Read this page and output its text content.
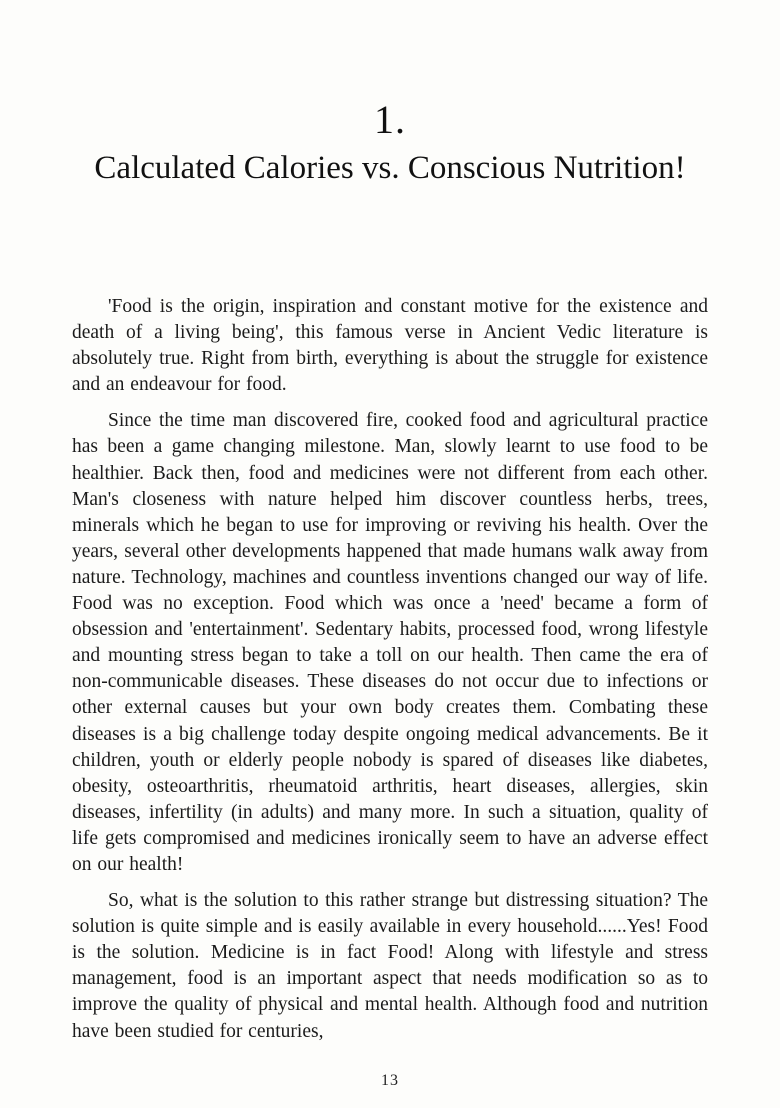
1.
Calculated Calories vs. Conscious Nutrition!

'Food is the origin, inspiration and constant motive for the existence and death of a living being', this famous verse in Ancient Vedic literature is absolutely true. Right from birth, everything is about the struggle for existence and an endeavour for food.

Since the time man discovered fire, cooked food and agricultural practice has been a game changing milestone. Man, slowly learnt to use food to be healthier. Back then, food and medicines were not different from each other. Man's closeness with nature helped him discover countless herbs, trees, minerals which he began to use for improving or reviving his health. Over the years, several other developments happened that made humans walk away from nature. Technology, machines and countless inventions changed our way of life. Food was no exception. Food which was once a 'need' became a form of obsession and 'entertainment'. Sedentary habits, processed food, wrong lifestyle and mounting stress began to take a toll on our health. Then came the era of non-communicable diseases. These diseases do not occur due to infections or other external causes but your own body creates them. Combating these diseases is a big challenge today despite ongoing medical advancements. Be it children, youth or elderly people nobody is spared of diseases like diabetes, obesity, osteoarthritis, rheumatoid arthritis, heart diseases, allergies, skin diseases, infertility (in adults) and many more. In such a situation, quality of life gets compromised and medicines ironically seem to have an adverse effect on our health!

So, what is the solution to this rather strange but distressing situation? The solution is quite simple and is easily available in every household......Yes! Food is the solution. Medicine is in fact Food! Along with lifestyle and stress management, food is an important aspect that needs modification so as to improve the quality of physical and mental health. Although food and nutrition have been studied for centuries,

13
